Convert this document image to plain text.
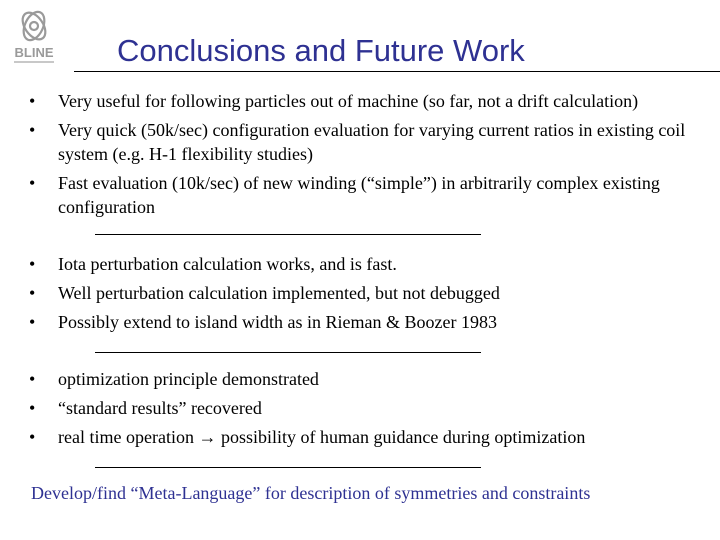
BLINE Conclusions and Future Work
• Very useful for following particles out of machine (so far, not a drift calculation)
• Very quick (50k/sec) configuration evaluation for varying current ratios in existing coil system (e.g. H-1 flexibility studies)
• Fast evaluation (10k/sec) of new winding (“simple”) in arbitrarily complex existing configuration
• Iota perturbation calculation works, and is fast.
• Well perturbation calculation implemented, but not debugged
• Possibly extend to island width as in Rieman & Boozer 1983
• optimization principle demonstrated
• “standard results” recovered
• real time operation → possibility of human guidance during optimization
Develop/find “Meta-Language” for description of symmetries and constraints
